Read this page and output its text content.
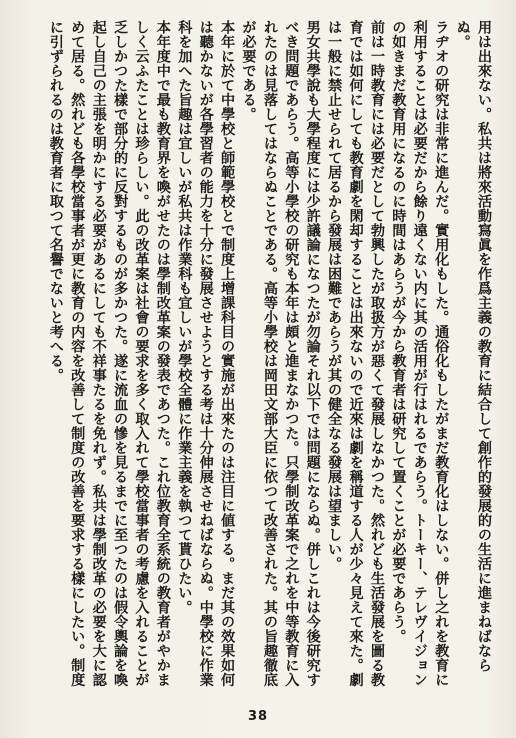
用は出來ない。私共は將來活動寫眞を作爲主義の教育に結合して創作的發展的の生活に進まねばならぬ。

ラヂオの研究は非常に進んだ。實用化もした。通俗化もしたがまだ教育化はしない。併し之れを教育に利用することは必要だから餘り遠くない内に其の活用が行はれるであらう。トーキー、テレヴイジョンの如きまだ教育用になるのに時間はあらうが今から教育者は研究して置くことが必要であらう。

前は一時教育には必要だとして勃興したが取扱方が惡くて發展しなかつた。然れども生活發展を圖る教育では如何にしても教育劇を閑却することは出來ないので近來は劇を稱道する人が少々見えて來た。劇は一般に禁止せられて居るから發展は困難であらうが其の健全なる發展は望ましい。

男女共學說も大學程度には少許議論になつたが勿論それ以下では問題にならぬ。併しこれは今後研究すべき問題であらう。高等小學校の研究も本年は頗と進まなかつた。只學制改革案で之れを中等教育に入れたのは見落してはならぬことである。高等小學校は岡田文部大臣に依つて改善された。其の旨趣徹底が必要である。

本年に於て中學校と師範學校とで制度上增課科目の實施が出來たのは注目に値する。まだ其の效果如何は聽かないが各學習者の能力を十分に發展させようとする考は十分伸展させねばならぬ。中學校に作業科を加へた旨趣は宜しいが私共は作業科も宜しいが學校全體に作業主義を執つて貰ひたい。

本年度中で最も教育界を喚がせたのは學制改革案の發表であつた。これ位教育全系統の教育者がやかましく云ふたことは珍らしい。此の改革案は社會の要求を多く取入れて學校當事者の考慮を入れることが乏しかつた樣で部分的に反對するものが多かつた。遂に流血の慘を見るまでに至つたのは假令輿論を喚起し自己の主張を明かにする必要があるにしても不祥事たるを免れず。私共は學制改革の必要を大に認めて居る。然れども各學校當事者が更に教育の内容を改善して制度の改善を要求する樣にしたい。制度に引ずられるのは教育者に取つて名譽でないと考へる。

38
